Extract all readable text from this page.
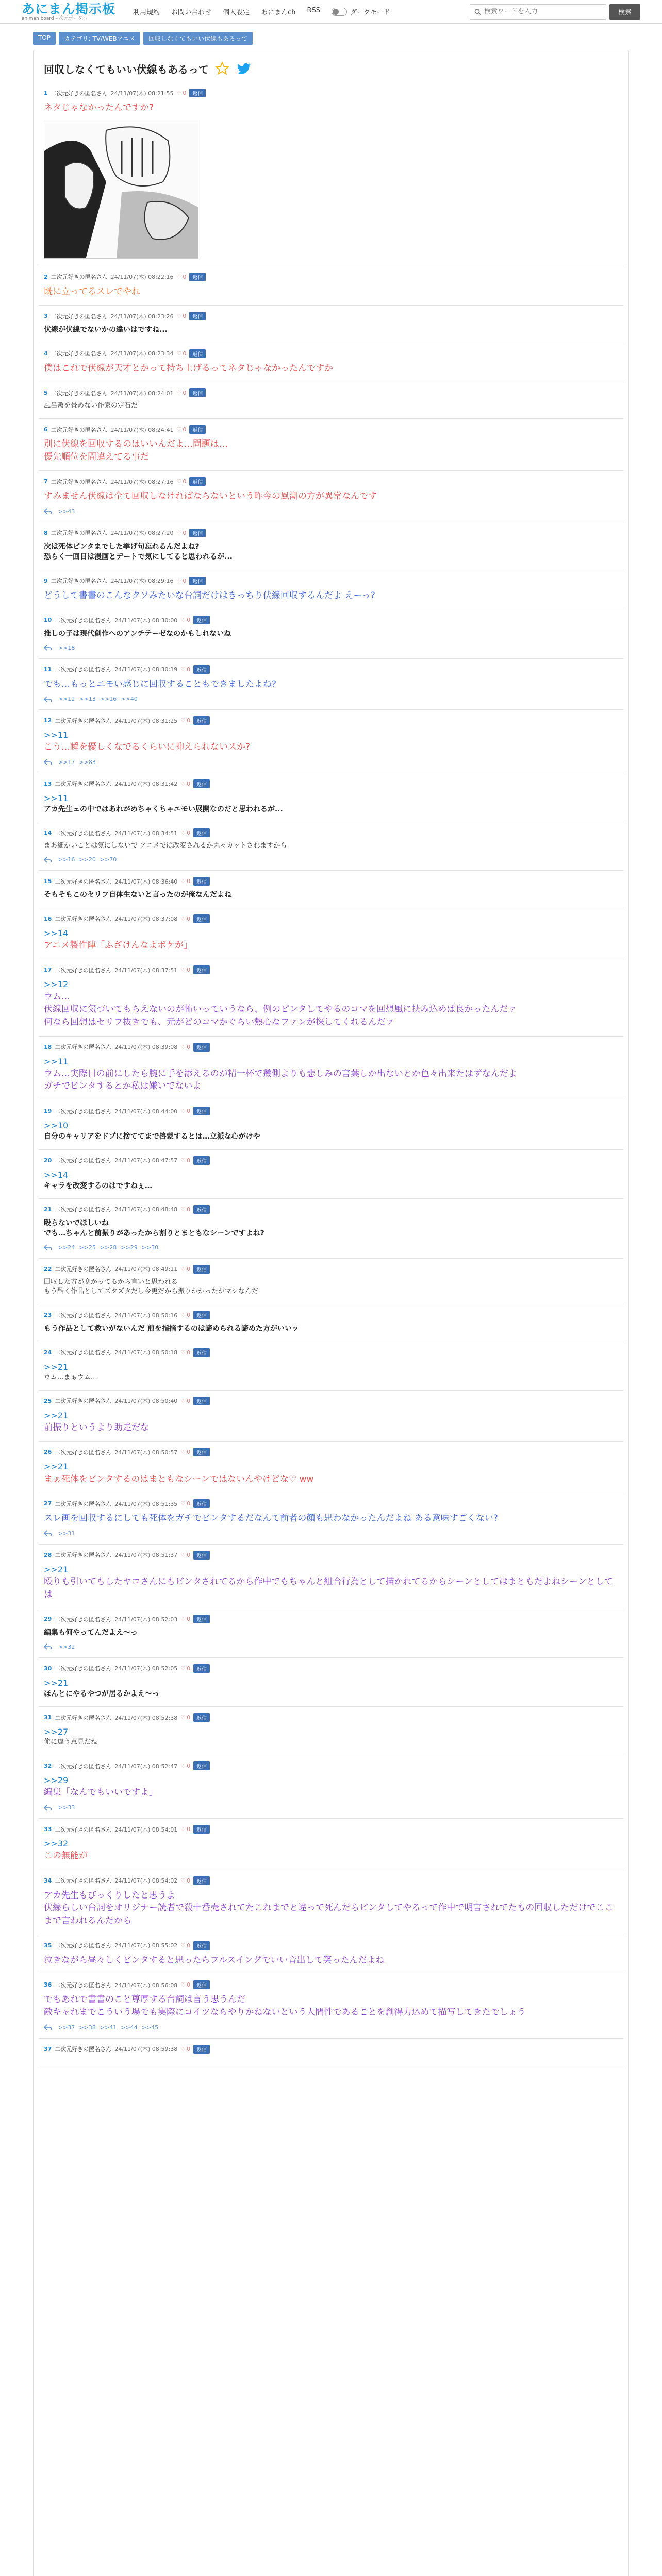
あにまん掲示板
animan board – 次元ポータル
利用規約 お問い合わせ 個人設定 あにまんch RSS	ダークモード
検索ワードを入力	検索
TOP	カテゴリ: TV/WEBアニメ	回収しなくてもいい伏線もあるって
回収しなくてもいい伏線もあるって
1 二次元好きの匿名さん 24/11/07(木) 08:21:55 ♡ 0	返信
ネタじゃなかったんですか?
2 二次元好きの匿名さん 24/11/07(木) 08:22:16 ♡ 0	返信
既に立ってるスレでやれ
3 二次元好きの匿名さん 24/11/07(木) 08:23:26 ♡ 0	返信
伏線が伏線でないかの違いはですね...
4 二次元好きの匿名さん 24/11/07(木) 08:23:34 ♡ 0	返信
僕はこれで伏線が天才とかって持ち上げるってネタじゃなかったんですか
5 二次元好きの匿名さん 24/11/07(木) 08:24:01 ♡ 0	返信
風呂敷を畳めない作家の定石だ
6 二次元好きの匿名さん 24/11/07(木) 08:24:41 ♡ 0	返信
別に伏線を回収するのはいいんだよ…問題は…
優先順位を間違えてる事だ
7 二次元好きの匿名さん 24/11/07(木) 08:27:16 ♡ 0	返信
すみません伏線は全て回収しなければならないという昨今の風潮の方が異常なんです
>>43
8 二次元好きの匿名さん 24/11/07(木) 08:27:20 ♡ 0	返信
次は死体ピンタまでした挙げ句忘れるんだよね?
恐らく一回目は漫画とデートで気にしてると思われるが...
9 二次元好きの匿名さん 24/11/07(木) 08:29:16 ♡ 0	返信
どうして書書のこんなクソみたいな台詞だけはきっちり伏線回収するんだよ えーっ?
10 二次元好きの匿名さん 24/11/07(木) 08:30:00 ♡ 0	返信
推しの子は現代創作へのアンチテーゼなのかもしれないね
>>18
11 二次元好きの匿名さん 24/11/07(木) 08:30:19 ♡ 0	返信
でも…もっとエモい感じに回収することもできましたよね?
>>12 >>13 >>16 >>40
12 二次元好きの匿名さん 24/11/07(木) 08:31:25 ♡ 0	返信
>>11
こう…瞬を優しくなでるくらいに抑えられないスか?
>>17 >>83
13 二次元好きの匿名さん 24/11/07(木) 08:31:42 ♡ 0	返信
>>11
アカ先生ェの中ではあれがめちゃくちゃエモい展開なのだと思われるが...
14 二次元好きの匿名さん 24/11/07(木) 08:34:51 ♡ 0	返信
まあ細かいことは気にしないで アニメでは改変されるか丸々カットされますから
>>16 >>20 >>70
15 二次元好きの匿名さん 24/11/07(木) 08:36:40 ♡ 0	返信
そもそもこのセリフ自体生ないと言ったのが俺なんだよね
16 二次元好きの匿名さん 24/11/07(木) 08:37:08 ♡ 0	返信
>>14
アニメ製作陣「ふざけんなよボケが」
17 二次元好きの匿名さん 24/11/07(木) 08:37:51 ♡ 0	返信
>>12
ウム…
伏線回収に気づいてもらえないのが怖いっていうなら、例のピンタしてやるのコマを回想風に挟み込めば良かったんだァ
何なら回想はセリフ抜きでも、元がどのコマかぐらい熱心なファンが探してくれるんだァ
18 二次元好きの匿名さん 24/11/07(木) 08:39:08 ♡ 0	返信
>>11
ウム…実際目の前にしたら腕に手を添えるのが精一杯で叢側よりも悲しみの言葉しか出ないとか色々出来たはずなんだよ
ガチでビンタするとか私は嫌いでないよ
19 二次元好きの匿名さん 24/11/07(木) 08:44:00 ♡ 0	返信
>>10
自分のキャリアをドブに捨ててまで啓蒙するとは…立派な心がけや
20 二次元好きの匿名さん 24/11/07(木) 08:47:57 ♡ 0	返信
>>14
キャラを改変するのはですねぇ…
21 二次元好きの匿名さん 24/11/07(木) 08:48:48 ♡ 0	返信
殴らないでほしいね
でも…ちゃんと前振りがあったから割りとまともなシーンですよね?
>>24 >>25 >>28 >>29 >>30
22 二次元好きの匿名さん 24/11/07(木) 08:49:11 ♡ 0	返信
回収した方が寒がってるから言いと思われる
もう酷く作品としてズタズタだし今更だから振りかかったがマシなんだ
23 二次元好きの匿名さん 24/11/07(木) 08:50:16 ♡ 0	返信
もう作品として救いがないんだ 煎を指摘するのは諦められる諦めた方がいいッ
24 二次元好きの匿名さん 24/11/07(木) 08:50:18 ♡ 0	返信
>>21
ウム…まぁウム…
25 二次元好きの匿名さん 24/11/07(木) 08:50:40 ♡ 0	返信
>>21
前振りというより助走だな
26 二次元好きの匿名さん 24/11/07(木) 08:50:57 ♡ 0	返信
>>21
まぁ死体をビンタするのはまともなシーンではないんやけどな♡ ww
27 二次元好きの匿名さん 24/11/07(木) 08:51:35 ♡ 0	返信
スレ画を回収するにしても死体をガチでビンタするだなんて前者の顔も思わなかったんだよね ある意味すごくない?
>>31
28 二次元好きの匿名さん 24/11/07(木) 08:51:37 ♡ 0	返信
>>21
殴りも引いてもしたヤコさんにもビンタされてるから作中でもちゃんと組合行為として描かれてるからシーンとしてはまともだよねシーンとしては
29 二次元好きの匿名さん 24/11/07(木) 08:52:03 ♡ 0	返信
編集も何やってんだよえ〜っ
>>32
30 二次元好きの匿名さん 24/11/07(木) 08:52:05 ♡ 0	返信
>>21
ほんとにやるやつが居るかよえ〜っ
31 二次元好きの匿名さん 24/11/07(木) 08:52:38 ♡ 0	返信
>>27
俺に違う意見だね
32 二次元好きの匿名さん 24/11/07(木) 08:52:47 ♡ 0	返信
>>29
編集「なんでもいいですよ」
>>33
33 二次元好きの匿名さん 24/11/07(木) 08:54:01 ♡ 0	返信
>>32
この無能が
34 二次元好きの匿名さん 24/11/07(木) 08:54:02 ♡ 0	返信
アカ先生もびっくりしたと思うよ
伏線らしい台詞をオリジナー読者で殺十番売されてたこれまでと違って死んだらビンタしてやるって作中で明言されてたもの回収しただけでここまで言われるんだから
35 二次元好きの匿名さん 24/11/07(木) 08:55:02 ♡ 0	返信
泣きながら昼々しくビンタすると思ったらフルスイングでいい音出して笑ったんだよね
36 二次元好きの匿名さん 24/11/07(木) 08:56:08 ♡ 0	返信
でもあれで書書のこと尊厚する台詞は言う思うんだ
敵キャれまでこういう場でも実際にコイツならやりかねないという人間性であることを創得力込めて描写してきたでしょう
>>37 >>38 >>41 >>44 >>45
37 二次元好きの匿名さん 24/11/07(木) 08:59:38 ♡ 0	返信
